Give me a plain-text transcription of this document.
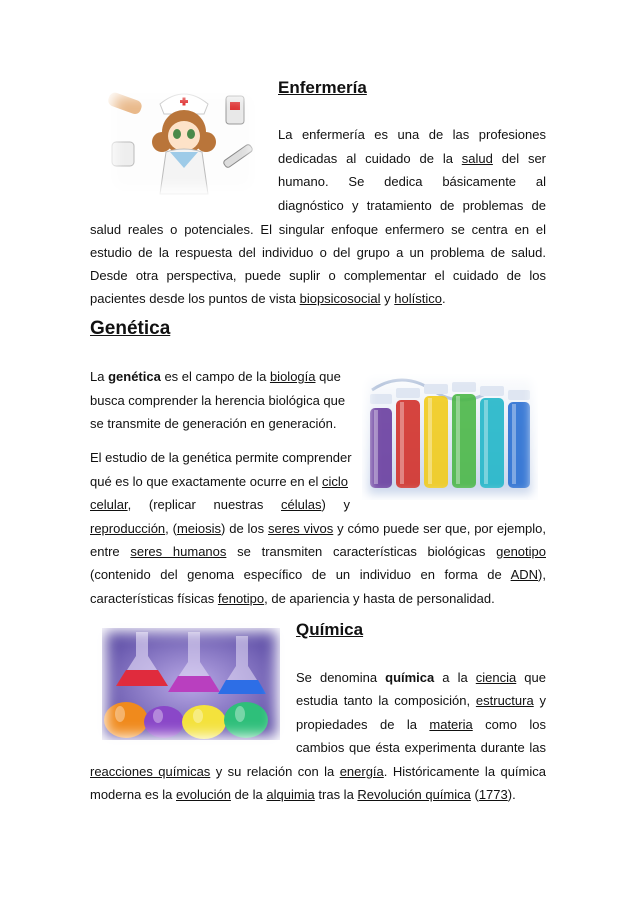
Enfermería
La enfermería es una de las profesiones
dedicadas al cuidado de la salud del ser
humano. Se dedica básicamente al
diagnóstico y tratamiento de problemas de
salud reales o potenciales. El singular enfoque enfermero se centra en el
estudio de la respuesta del individuo o del grupo a un problema de salud.
Desde otra perspectiva, puede suplir o complementar el cuidado de los
pacientes desde los puntos de vista biopsicosocial y holístico.
Genética
La genética es el campo de la biología que
busca comprender la herencia biológica que
se transmite de generación en generación.
El estudio de la genética permite comprender
qué es lo que exactamente ocurre en el ciclo
celular, (replicar nuestras células) y
reproducción, (meiosis) de los seres vivos y cómo puede ser que, por ejemplo,
entre seres humanos se transmiten características biológicas genotipo
(contenido del genoma específico de un individuo en forma de ADN),
características físicas fenotipo, de apariencia y hasta de personalidad.
Química
Se denomina química a la ciencia que
estudia tanto la composición, estructura y
propiedades de la materia como los
cambios que ésta experimenta durante las
reacciones químicas y su relación con la energía. Históricamente la química
moderna es la evolución de la alquimia tras la Revolución química (1773).
